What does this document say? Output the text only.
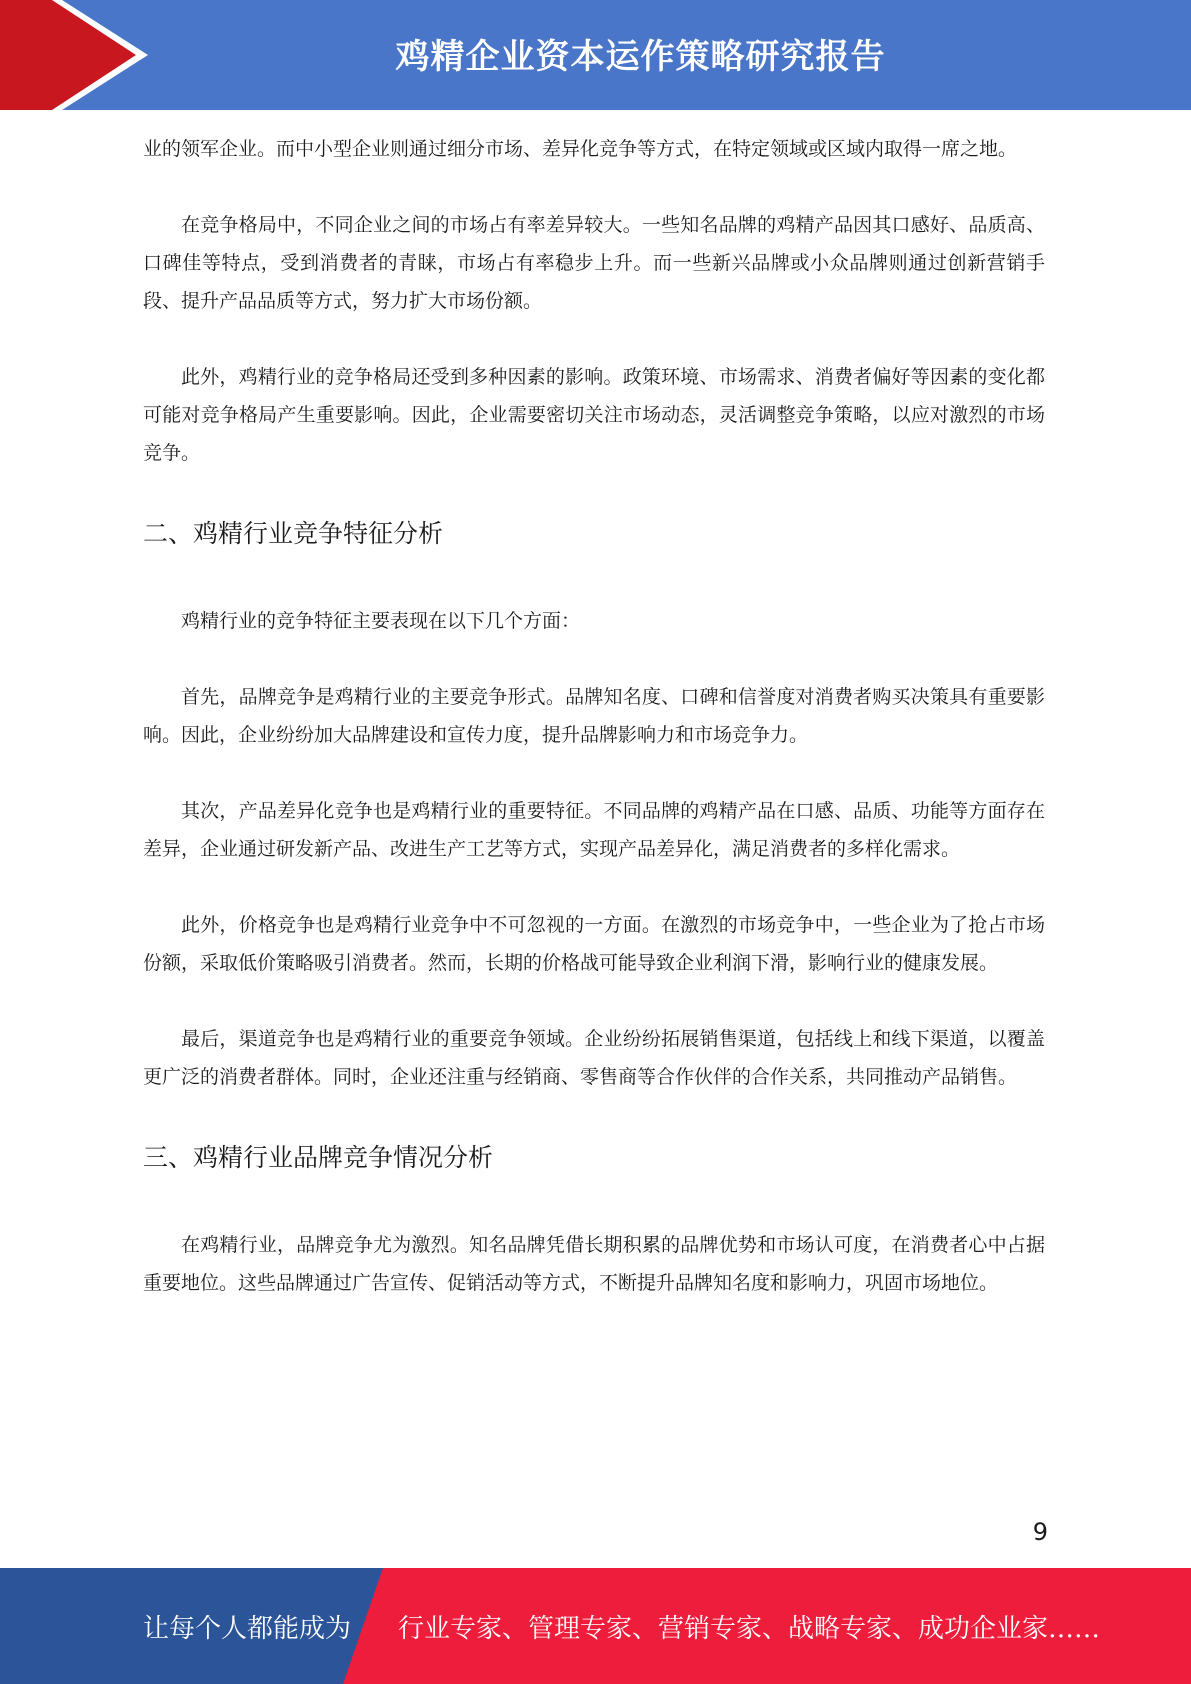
鸡精企业资本运作策略研究报告

业的领军企业。而中小型企业则通过细分市场、差异化竞争等方式，在特定领域或区域内取得一席之地。

在竞争格局中，不同企业之间的市场占有率差异较大。一些知名品牌的鸡精产品因其口感好、品质高、口碑佳等特点，受到消费者的青睐，市场占有率稳步上升。而一些新兴品牌或小众品牌则通过创新营销手段、提升产品品质等方式，努力扩大市场份额。

此外，鸡精行业的竞争格局还受到多种因素的影响。政策环境、市场需求、消费者偏好等因素的变化都可能对竞争格局产生重要影响。因此，企业需要密切关注市场动态，灵活调整竞争策略，以应对激烈的市场竞争。

二、鸡精行业竞争特征分析

鸡精行业的竞争特征主要表现在以下几个方面：

首先，品牌竞争是鸡精行业的主要竞争形式。品牌知名度、口碑和信誉度对消费者购买决策具有重要影响。因此，企业纷纷加大品牌建设和宣传力度，提升品牌影响力和市场竞争力。

其次，产品差异化竞争也是鸡精行业的重要特征。不同品牌的鸡精产品在口感、品质、功能等方面存在差异，企业通过研发新产品、改进生产工艺等方式，实现产品差异化，满足消费者的多样化需求。

此外，价格竞争也是鸡精行业竞争中不可忽视的一方面。在激烈的市场竞争中，一些企业为了抢占市场份额，采取低价策略吸引消费者。然而，长期的价格战可能导致企业利润下滑，影响行业的健康发展。

最后，渠道竞争也是鸡精行业的重要竞争领域。企业纷纷拓展销售渠道，包括线上和线下渠道，以覆盖更广泛的消费者群体。同时，企业还注重与经销商、零售商等合作伙伴的合作关系，共同推动产品销售。

三、鸡精行业品牌竞争情况分析

在鸡精行业，品牌竞争尤为激烈。知名品牌凭借长期积累的品牌优势和市场认可度，在消费者心中占据重要地位。这些品牌通过广告宣传、促销活动等方式，不断提升品牌知名度和影响力，巩固市场地位。

9
让每个人都能成为 行业专家、管理专家、营销专家、战略专家、成功企业家……
